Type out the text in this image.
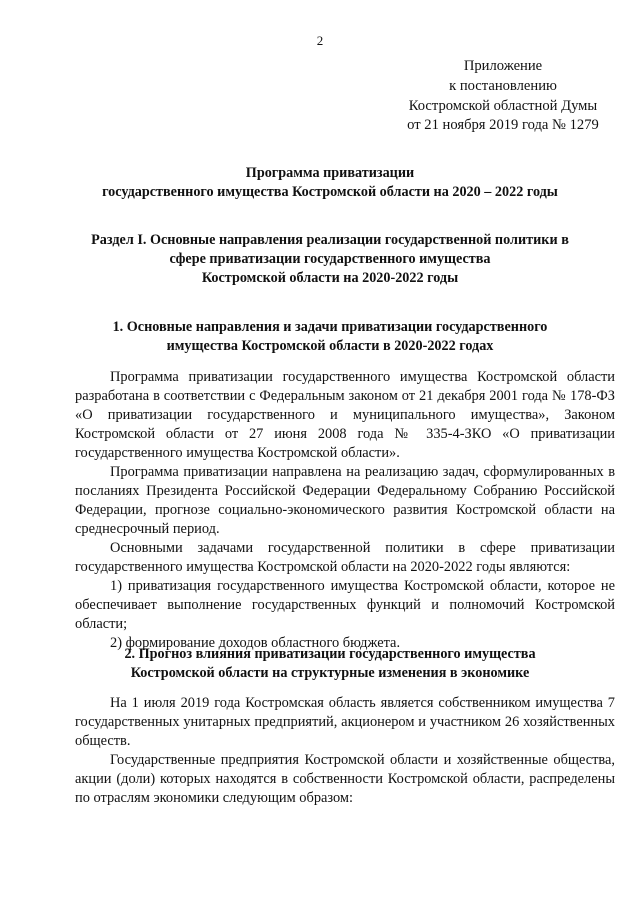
2
Приложение
к постановлению
Костромской областной Думы
от 21 ноября 2019 года № 1279
Программа приватизации
государственного имущества Костромской области на 2020 – 2022 годы
Раздел I. Основные направления реализации государственной политики в
сфере приватизации государственного имущества
Костромской области на 2020-2022 годы
1. Основные направления и задачи приватизации государственного
имущества Костромской области в 2020-2022 годах

Программа приватизации государственного имущества Костромской области разработана в соответствии с Федеральным законом от 21 декабря 2001 года № 178-ФЗ «О приватизации государственного и муниципального имущества», Законом Костромской области от 27 июня 2008 года № 335-4-ЗКО «О приватизации государственного имущества Костромской области».

Программа приватизации направлена на реализацию задач, сформулированных в посланиях Президента Российской Федерации Федеральному Собранию Российской Федерации, прогнозе социально-экономического развития Костромской области на среднесрочный период.

Основными задачами государственной политики в сфере приватизации государственного имущества Костромской области на 2020-2022 годы являются:

1) приватизация государственного имущества Костромской области, которое не обеспечивает выполнение государственных функций и полномочий Костромской области;

2) формирование доходов областного бюджета.

2. Прогноз влияния приватизации государственного имущества
Костромской области на структурные изменения в экономике

На 1 июля 2019 года Костромская область является собственником имущества 7 государственных унитарных предприятий, акционером и участником 26 хозяйственных обществ.

Государственные предприятия Костромской области и хозяйственные общества, акции (доли) которых находятся в собственности Костромской области, распределены по отраслям экономики следующим образом:
